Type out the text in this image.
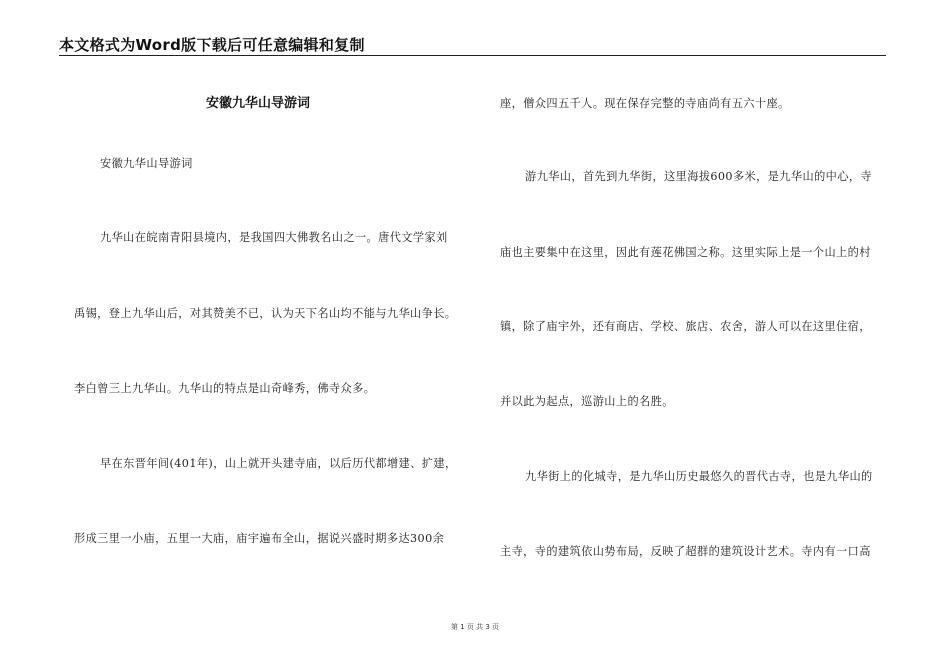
本文格式为Word版下载后可任意编辑和复制
安徽九华山导游词
安徽九华山导游词
九华山在皖南青阳县境内，是我国四大佛教名山之一。唐代文学家刘
禹锡，登上九华山后，对其赞美不已，认为天下名山均不能与九华山争长。
李白曾三上九华山。九华山的特点是山奇峰秀，佛寺众多。
早在东晋年间(401年)，山上就开头建寺庙，以后历代都增建、扩建，
形成三里一小庙，五里一大庙，庙宇遍布全山，据说兴盛时期多达300余
座，僧众四五千人。现在保存完整的寺庙尚有五六十座。
游九华山，首先到九华街，这里海拔600多米，是九华山的中心，寺
庙也主要集中在这里，因此有莲花佛国之称。这里实际上是一个山上的村
镇，除了庙宇外，还有商店、学校、旅店、农舍，游人可以在这里住宿，
并以此为起点，巡游山上的名胜。
九华街上的化城寺，是九华山历史最悠久的晋代古寺，也是九华山的
主寺，寺的建筑依山势布局，反映了超群的建筑设计艺术。寺内有一口高
第 1 页 共 3 页
